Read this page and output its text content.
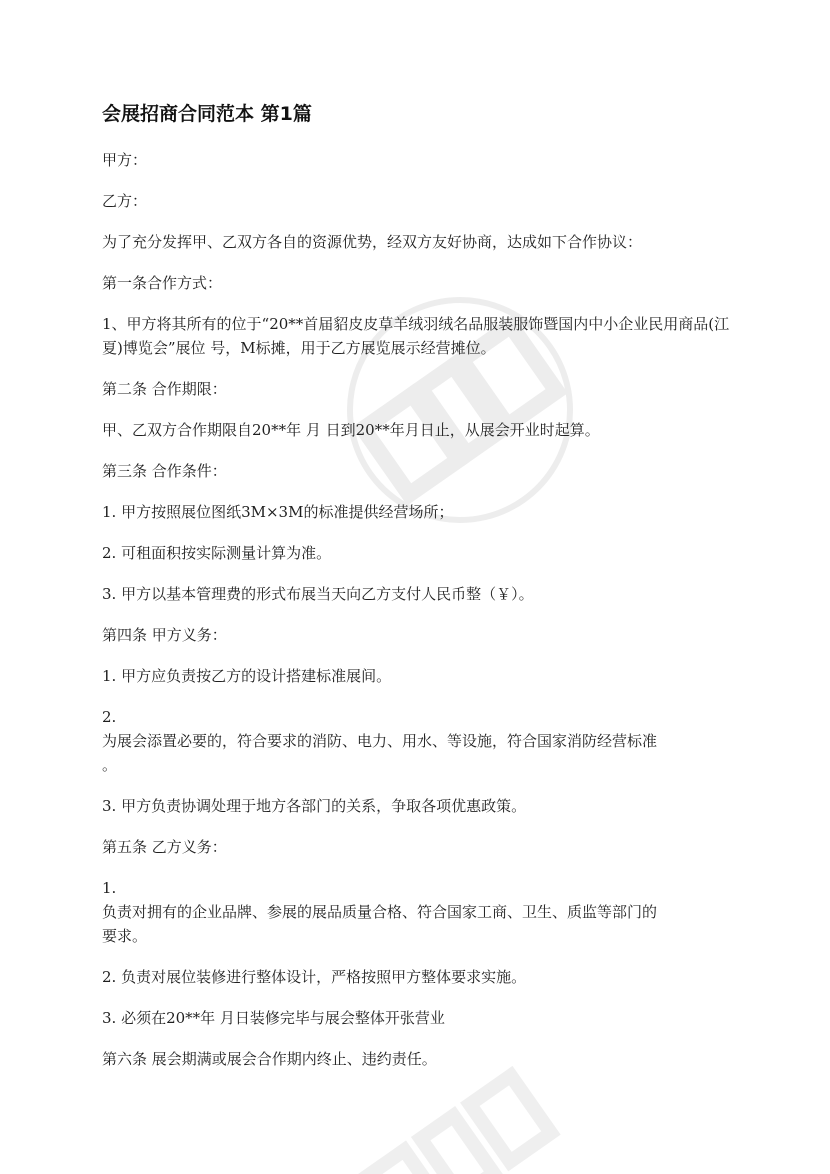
会展招商合同范本 第1篇

甲方：

乙方：

为了充分发挥甲、乙双方各自的资源优势，经双方友好协商，达成如下合作协议：

第一条合作方式：

1、甲方将其所有的位于“20**首届貂皮皮草羊绒羽绒名品服装服饰暨国内中小企业民用商品(江夏)博览会”展位 号，M标摊，用于乙方展览展示经营摊位。

第二条 合作期限：

甲、乙双方合作期限自20**年 月 日到20**年月日止，从展会开业时起算。

第三条 合作条件：

1. 甲方按照展位图纸3M×3M的标准提供经营场所；

2. 可租面积按实际测量计算为准。

3. 甲方以基本管理费的形式布展当天向乙方支付人民币整（￥）。

第四条 甲方义务：

1. 甲方应负责按乙方的设计搭建标准展间。

2.
为展会添置必要的，符合要求的消防、电力、用水、等设施，符合国家消防经营标准
。

3. 甲方负责协调处理于地方各部门的关系，争取各项优惠政策。

第五条 乙方义务：

1.
负责对拥有的企业品牌、参展的展品质量合格、符合国家工商、卫生、质监等部门的
要求。

2. 负责对展位装修进行整体设计，严格按照甲方整体要求实施。

3. 必须在20**年 月日装修完毕与展会整体开张营业

第六条 展会期满或展会合作期内终止、违约责任。
